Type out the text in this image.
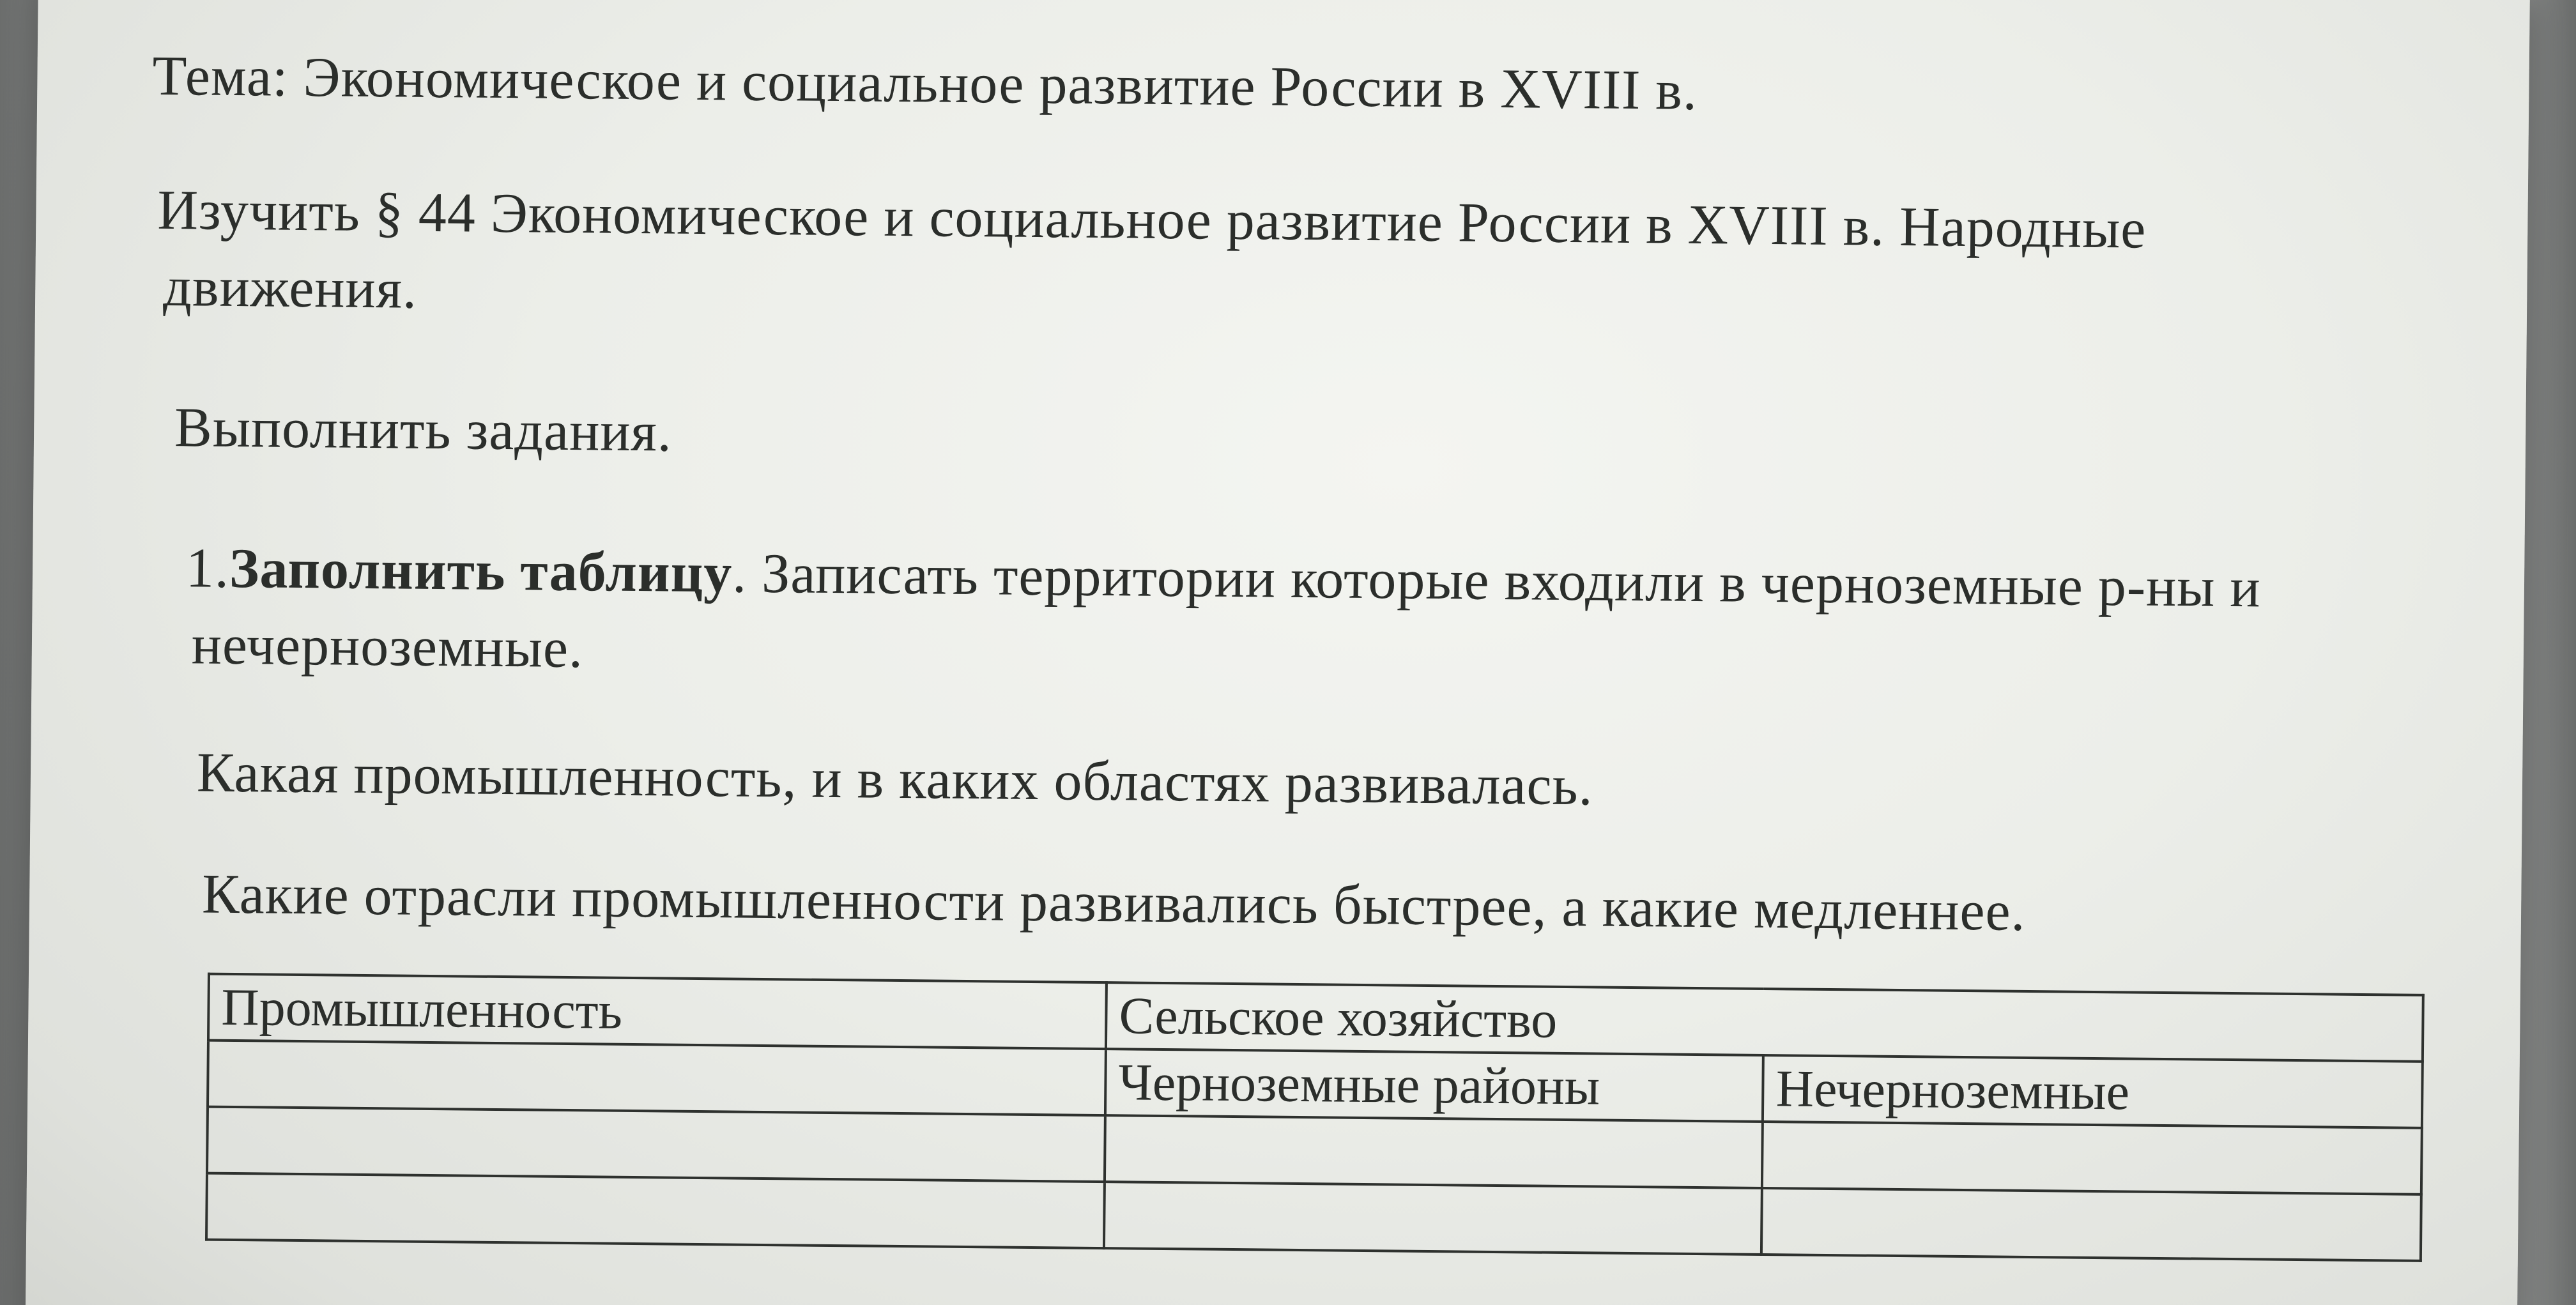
Тема: Экономическое и социальное развитие России в XVIII в.
Изучить § 44 Экономическое и социальное развитие России в XVIII в. Народные
движения.
Выполнить задания.
1.Заполнить таблицу. Записать территории которые входили в черноземные р-ны и
нечерноземные.
Какая промышленность, и в каких областях развивалась.
Какие отрасли промышленности развивались быстрее, а какие медленнее.
Промышленность	Сельское хозяйство	
	Черноземные районы	Нечерноземные
